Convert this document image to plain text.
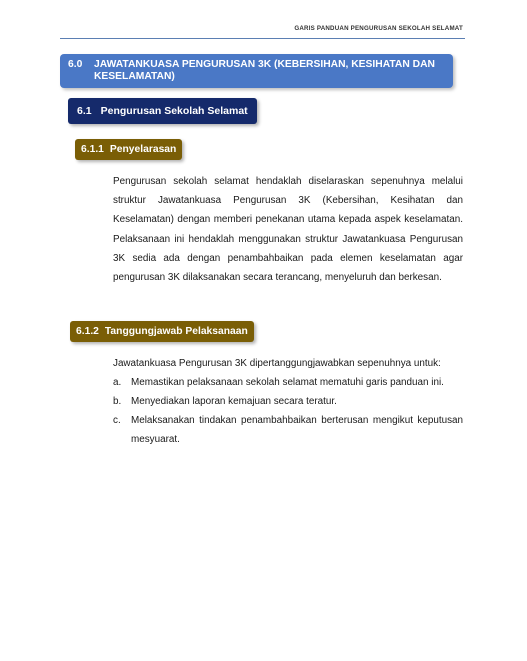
GARIS PANDUAN PENGURUSAN SEKOLAH SELAMAT
6.0	JAWATANKUASA PENGURUSAN 3K (KEBERSIHAN, KESIHATAN DAN KESELAMATAN)
6.1 Pengurusan Sekolah Selamat
6.1.1 Penyelarasan

Pengurusan sekolah selamat hendaklah diselaraskan sepenuhnya melalui struktur Jawatankuasa Pengurusan 3K (Kebersihan, Kesihatan dan Keselamatan) dengan memberi penekanan utama kepada aspek keselamatan. Pelaksanaan ini hendaklah menggunakan struktur Jawatankuasa Pengurusan 3K sedia ada dengan penambahbaikan pada elemen keselamatan agar pengurusan 3K dilaksanakan secara terancang, menyeluruh dan berkesan.

6.1.2 Tanggungjawab Pelaksanaan

Jawatankuasa Pengurusan 3K dipertanggungjawabkan sepenuhnya untuk:

a. Memastikan pelaksanaan sekolah selamat mematuhi garis panduan ini.
b. Menyediakan laporan kemajuan secara teratur.
c.	Melaksanakan tindakan penambahbaikan berterusan mengikut keputusan mesyuarat.
